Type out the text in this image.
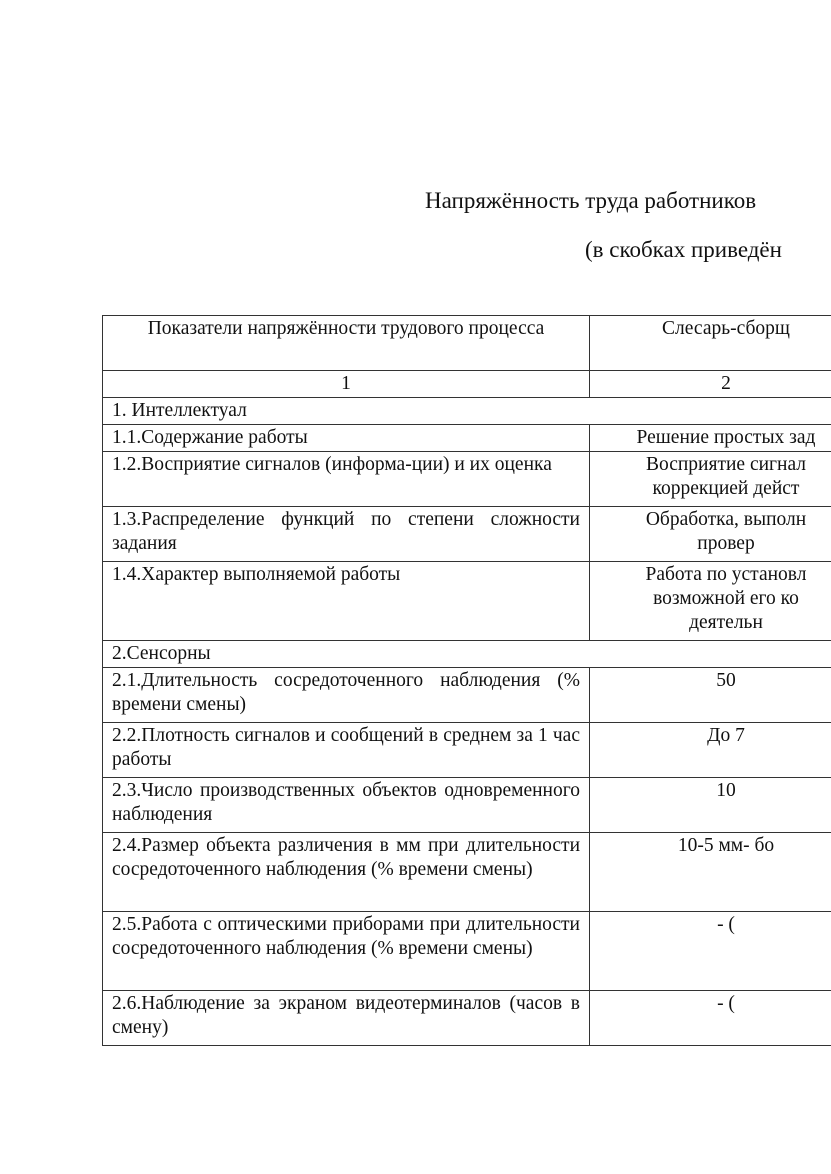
Напряжённость труда работников
(в скобках приведён
Показатели напряжённости трудового процесса	Слесарь-сборщ
1	2
1. Интеллектуал	
1.1.Содержание работы	Решение простых зад

1.2.Восприятие сигналов (информа-ции) и их оценка	Восприятие сигнал
коррекцией дейст

1.3.Распределение функций по степени сложности задания	Обработка, выполн
провер

1.4.Характер выполняемой работы	Работа по установл
возможной его ко
деятельн

2.Сенсорны	
2.1.Длительность сосредоточенного наблюдения (% времени смены)	50

2.2.Плотность сигналов и сообщений в среднем за 1 час работы	До 7

2.3.Число производственных объектов одновременного наблюдения	10

2.4.Размер объекта различения в мм при длительности сосредоточенного наблюдения (% времени смены)	10-5 мм- бо

2.5.Работа с оптическими приборами при длительности сосредоточенного наблюдения (% времени смены)	- (

2.6.Наблюдение за экраном видеотерминалов (часов в смену)	- (
